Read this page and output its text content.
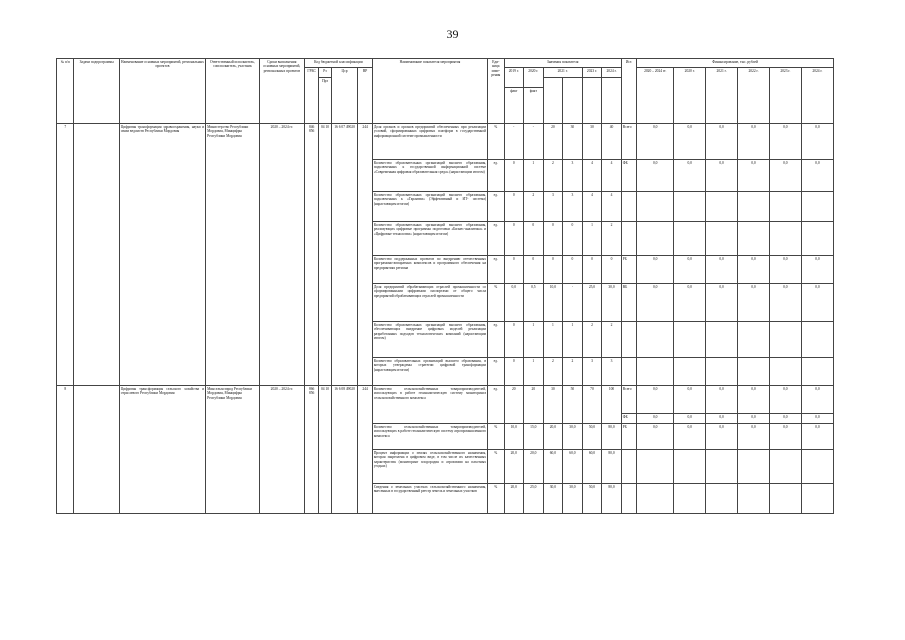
39
№ п/п	Задачи подпрограммы	Наименование основных мероприятий, региональных проектов	Ответственный исполнитель, соисполнитель, участник	Сроки выполнения основных мероприятий, региональных проектов	Код бюджетной классификации				Наименование показателя мероприятия	Еди- ница изме- рения	Значения показателя						Ист.	Финансирование, тыс. рублей					
					ГРБС	Рз	Цср	ВР			2019 г.	2020 г.	2021 г.		2023 г.	2024 г.		2020 – 2024 гг.	2020 г.	2021 г.	2022 г.	2023 г.	2024 г.
						Прз																	
											факт	факт											
7		Цифровая трансформация здравоохранения, науки и связи ведомств Республики Мордовия	Министерство Республики Мордовия, Минцифры Республики Мордовия	2020 – 2024 гг.	846 856	04 10	16 6 07 49020	244	Доля органов и органов предприятий обеспеченных при реализации условий, сформированных цифровых платформ в государственной информационной системе промышленности	%	-	-	20	30	30	40	Всего	0,0	0,0	0,0	0,0	0,0	0,0
									Количество образовательных организаций высшего образования, подключенных к государственной информационной системе «Современная цифровая образовательная среда» (нарастающим итогом)	ед.	0	1	2	3	4	4	ФБ	0,0	0,0	0,0	0,0	0,0	0,0
									Количество образовательных организаций высшего образования, подключенных к «Гарантии» (Эффективный и ИТ- система) (нарастающим итогом)	ед.	0	2	3	3	4	4							
									Количество образовательных организаций высшего образования, реализующих цифровые программы подготовки «Бизнес-аналитика» и «Цифровые технологии» (нарастающим итогом)	ед.	0	0	0	0	1	2							
									Количество поддержанных проектов по внедрению отечественных программно-аппаратных комплексов и программного обеспечения на предприятиях региона	ед.	0	0	0	0	0	0	РБ	0,0	0,0	0,0	0,0	0,0	0,0
									Доля предприятий обрабатывающих отраслей промышленности со сформированными цифровыми паспортами от общего числа предприятий обрабатывающих отраслей промышленности	%	0,0	0,5	10,0	-	25,0	30,0	ВБ	0,0	0,0	0,0	0,0	0,0	0,0
									Количество образовательных организаций высшего образования, обеспечивающих внедрение цифровых моделей реализации разработанных подходов технологических компаний (нарастающим итогом)	ед.	0	1	1	1	2	2							
									Количество образовательных организаций высшего образования, в которых утверждены стратегии цифровой трансформации (нарастающим итогом)	ед.	0	1	2	2	3	3							
8		Цифровая трансформация сельского хозяйства и отраслевого Республики Мордовия	Минсельхозпрод Республики Мордовия, Минцифры Республики Мордовия	2020 – 2024 гг.	866 856	04 10	16 6 08 49020	244	Количество сельскохозяйственных товаропроизводителей, использующих в работе геоаналитическую систему мониторинга сельскохозяйственного комплекса	ед.	20	20	30	50	70	100	Всего	0,0	0,0	0,0	0,0	0,0	0,0
																	ФБ	0,0	0,0	0,0	0,0	0,0	0,0
									Количество сельскохозяйственных товаропроизводителей, использующих в работе геоаналитическую систему агропромышленного комплекса	%	10,0	15,0	20,0	30,0	50,0	80,0	РБ	0,0	0,0	0,0	0,0	0,0	0,0
									Процент информации о землях сельскохозяйственного назначения, которая закреплена в цифровом виде, в том числе их качественных характеристик (мониторинг плодородия и агрохимии на пахотных угодьях)	%	20,0	20,0	60,0	60,0	60,0	80,0							
									Сведения о земельных участках сельскохозяйственного назначения, внесенных в государственный реестр земель и земельных участков	%	20,0	25,0	30,0	30,0	50,0	80,0							
